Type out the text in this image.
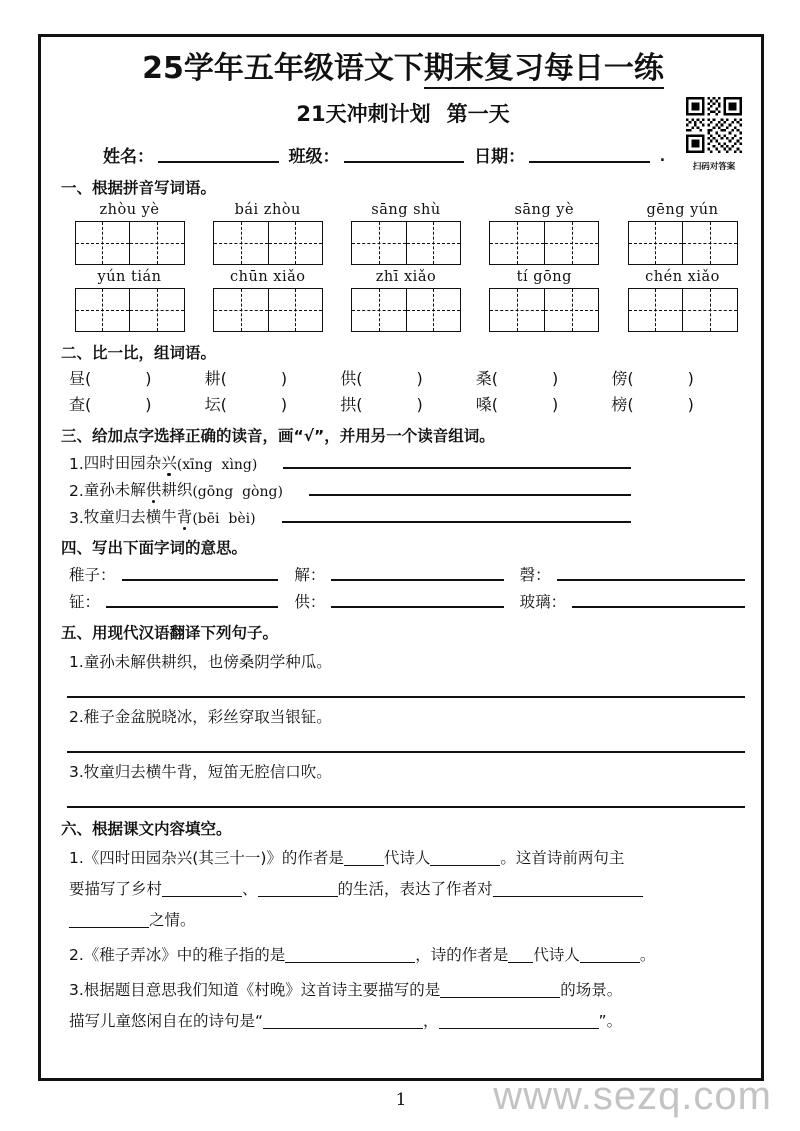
25学年五年级语文下期末复习每日一练
21天冲刺计划 第一天
扫码对答案
姓名：	班级：	日期：	.
一、根据拼音写词语。
zhòu yè	bái zhòu	sāng shù	sāng yè	gēng yún
yún tián	chūn xiǎo	zhī xiǎo	tí gōng	chén xiǎo
二、比一比，组词语。
昼 (	)	耕 (	)	供 (	)	桑 (	)	傍 (	)
查 (	)	坛 (	)	拱 (	)	嗓 (	)	榜 (	)
三、给加点字选择正确的读音，画“√”，并用另一个读音组词。
1. 四时田园杂 兴 (xīng  xìng)
2. 童孙未解 供 耕织 (gōng  gòng)
3. 牧童归去横牛 背 (bēi  bèi)
四、写出下面字词的意思。
稚子：	解：	磬：
钲：	供：	玻璃：
五、用现代汉语翻译下列句子。
1.童孙未解供耕织，也傍桑阴学种瓜。
2.稚子金盆脱晓冰，彩丝穿取当银钲。
3.牧童归去横牛背，短笛无腔信口吹。
六、根据课文内容填空。
1.《四时田园杂兴(其三十一)》的作者是	代诗人	。这首诗前两句主
要描写了乡村	、	的生活，表达了作者对
之情。
2.《稚子弄冰》中的稚子指的是	，诗的作者是 代诗人	。
3.根据题目意思我们知道《村晚》这首诗主要描写的是	的场景。
描写儿童悠闲自在的诗句是“	，	”。
1	www.sezq.com
